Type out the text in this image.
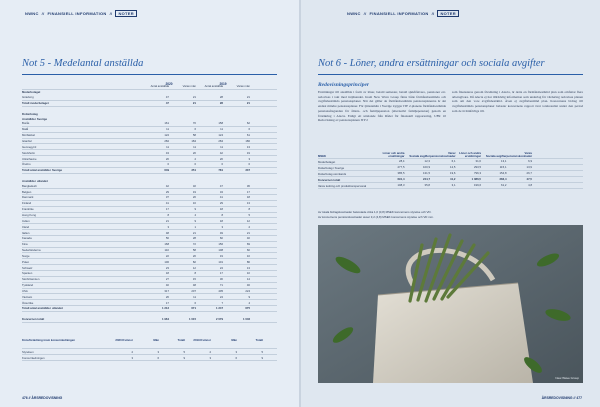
NWNC // FINANSIELL INFORMATION //	NOTER
Not 5 - Medelantal anställda
2020	2019
Antal anställda	Varav män	Antal anställda	Varav män
Moderbolaget
Göteborg	47	21	28	21
Totalt moderbolaget	47	21	28	21
Dotterbolag
Anställda i Sverige
Borås	161	70	158	62
Malå	11	6	11	6
Mörbäckel	122	58	124	61
Istanbul	282	184	284	180
Gennegyml	11	11	11	13
Stockholm	43	20	42	19
Uttrarhavne	20	2	20	3
Örebro	0	0	0	0
Totalt antal anställda i Sverige	649	351	781	337
Anställda i utlandet
Bangladesh	42	32	47	36
Belgien	29	19	34	17
Danmark	37	20	41	18
Finland	41	16	29	13
Frankrike	17	9	18	8
Hong Kong	8	4	8	5
Indien	21	9	18	12
Irland	3	1	3	2
Italien	48	21	49	21
Kanada	56	28	60	40
Kina	168	72	156	69
Nederländerna	110	58	108	60
Norge	22	20	19	10
Polen	100	82	101	86
Schweiz	23	12	24	13
Spanien	18	8	17	10
Storbritannien	27	15	30	14
Tyskland	40	48	71	46
USA	317	207	405	224
Vietnam	26	11	24	9
Österrike	17	6	7	4
Totalt antal anställda i utlandet	1 212	671	1 247	675
Koncernen totalt	1 964	1 015	2 079	1 046
Könsfördelning inom koncernledningen	2020 Kvinnor	Män	Totalt	2019 Kvinnor	Män	Totalt
Styrelsen	2	3	5	2	3	5
Koncernledningen	3	6	9	3	6	9
476 // ÅRSREDOVISNING
NWNC // FINANSIELL INFORMATION //	NOTER
Not 6 - Löner, andra ersättningar och sociala avgifter
Redovisningsprinciper
Ersättningar till anställda i form av löner, betald semester, betald sjukfrånvaro, pensioner etc. redovisas i takt med intjänandet. Inom New Wave Group finns både förmånsbestämda och avgiftsbestämda pensionsplaner. När det gäller de förmånsbestämda pensionsplanerna är det endast mindre pensionsplaner. För tjänstemän i Sverige tryggar ITP 2-planens förmånsbestämda pensionsåtaganden för ålders- och familjepension (alternativt familjepension) genom en försäkring i Alecta. Enligt ett uttalande från Rådet för finansiell rapportering, UFR 10 Redovisning av pensionsplanen ITP 2
som finansieras genom försäkring i Alecta, är detta en förmånsbestämd plan som omfattar flera arbetsgivare. Då Alecta ej har tillräcklig information som underlag för värdering redovisas planen som om den vore avgiftsbestämd. Även ej avgiftsbestämd plan. Koncernens bidrag till avgiftsbestämda pensionsplaner belastar koncernens rapport över totalresultat under den period som de är hänförliga till.
MSEK
Löner och andra ersättningar	Sociala avgifter
Varav pensionskostnader
Löner och andra ersättningar	Sociala avgifter
Varav pensionskostnader
Moderbolaget	28,4	12,3	6,1	31,6	13,1	6,9
Dotterbolag i Sverige	277,5	100,9	12,5	293,5	115,1	13,9
Dotterbolag utomlands	385,5	131,5	19,6	796,3	154,8	26,7
Koncernen totalt	691,4	244,7	41,2	1 086,5	283,4	47,5
Varav ledning och produktionspersonal	108,3	35,8	3,1	199,6	61,2	4,8
Av totala bidragskostnader bekostade cirka 1,0 (0,8) MSEK koncernens styrelse och VD.
Av koncernens pensionskostnader avser 3,2 (4,8) MSEK koncernens styrelse och VD mm.
New Wave Group
ÅRSREDOVISNING // 477
